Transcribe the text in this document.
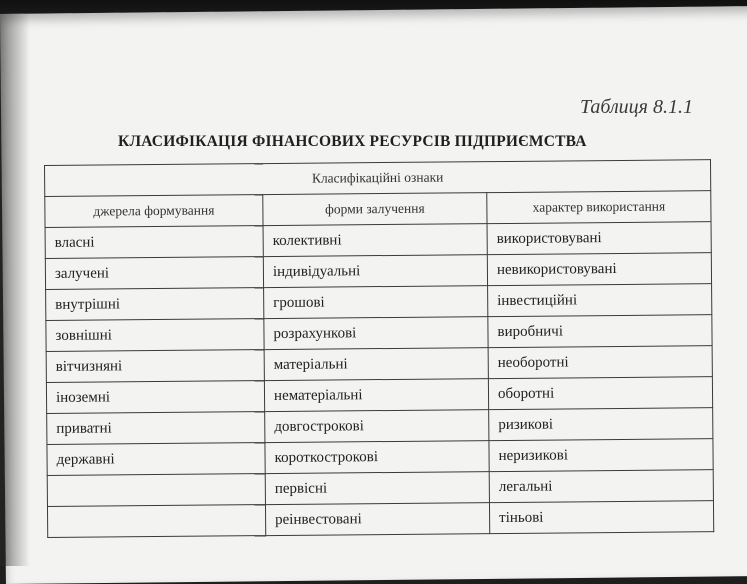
Таблиця 8.1.1
КЛАСИФІКАЦІЯ ФІНАНСОВИХ РЕСУРСІВ ПІДПРИЄМСТВА
Класифікаційні ознаки		
джерела формування	форми залучення	характер використання
власні	колективні	використовувані
залучені	індивідуальні	невикористовувані
внутрішні	грошові	інвестиційні
зовнішні	розрахункові	виробничі
вітчизняні	матеріальні	необоротні
іноземні	нематеріальні	оборотні
приватні	довгострокові	ризикові
державні	короткострокові	неризикові
	первісні	легальні
	реінвестовані	тіньові
